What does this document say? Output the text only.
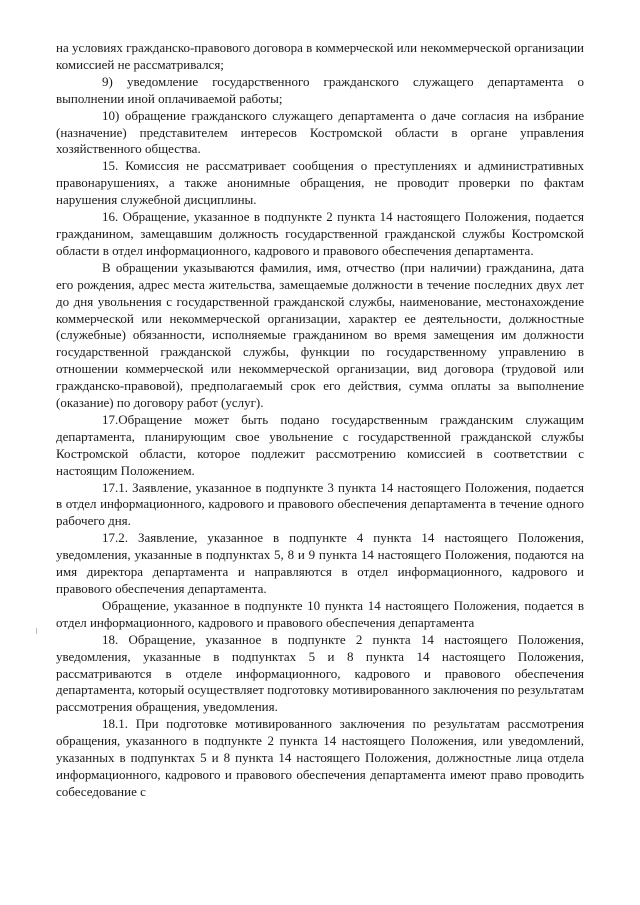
на условиях гражданско-правового договора в коммерческой или некоммерческой организации комиссией не рассматривался;

9) уведомление государственного гражданского служащего департамента о выполнении иной оплачиваемой работы;

10) обращение гражданского служащего департамента о даче согласия на избрание (назначение) представителем интересов Костромской области в органе управления хозяйственного общества.

15. Комиссия не рассматривает сообщения о преступлениях и административных правонарушениях, а также анонимные обращения, не проводит проверки по фактам нарушения служебной дисциплины.

16. Обращение, указанное в подпункте 2 пункта 14 настоящего Положения, подается гражданином, замещавшим должность государственной гражданской службы Костромской области в отдел информационного, кадрового и правового обеспечения департамента.

В обращении указываются фамилия, имя, отчество (при наличии) гражданина, дата его рождения, адрес места жительства, замещаемые должности в течение последних двух лет до дня увольнения с государственной гражданской службы, наименование, местонахождение коммерческой или некоммерческой организации, характер ее деятельности, должностные (служебные) обязанности, исполняемые гражданином во время замещения им должности государственной гражданской службы, функции по государственному управлению в отношении коммерческой или некоммерческой организации, вид договора (трудовой или гражданско-правовой), предполагаемый срок его действия, сумма оплаты за выполнение (оказание) по договору работ (услуг).

17.Обращение может быть подано государственным гражданским служащим департамента, планирующим свое увольнение с государственной гражданской службы Костромской области, которое подлежит рассмотрению комиссией в соответствии с настоящим Положением.

17.1. Заявление, указанное в подпункте 3 пункта 14 настоящего Положения, подается в отдел информационного, кадрового и правового обеспечения департамента в течение одного рабочего дня.

17.2. Заявление, указанное в подпункте 4 пункта 14 настоящего Положения, уведомления, указанные в подпунктах 5, 8 и 9 пункта 14 настоящего Положения, подаются на имя директора департамента и направляются в отдел информационного, кадрового и правового обеспечения департамента.

Обращение, указанное в подпункте 10 пункта 14 настоящего Положения, подается в отдел информационного, кадрового и правового обеспечения департамента

18. Обращение, указанное в подпункте 2 пункта 14 настоящего Положения, уведомления, указанные в подпунктах 5 и 8 пункта 14 настоящего Положения, рассматриваются в отделе информационного, кадрового и правового обеспечения департамента, который осуществляет подготовку мотивированного заключения по результатам рассмотрения обращения, уведомления.

18.1. При подготовке мотивированного заключения по результатам рассмотрения обращения, указанного в подпункте 2 пункта 14 настоящего Положения, или уведомлений, указанных в подпунктах 5 и 8 пункта 14 настоящего Положения, должностные лица отдела информационного, кадрового и правового обеспечения департамента имеют право проводить собеседование с
